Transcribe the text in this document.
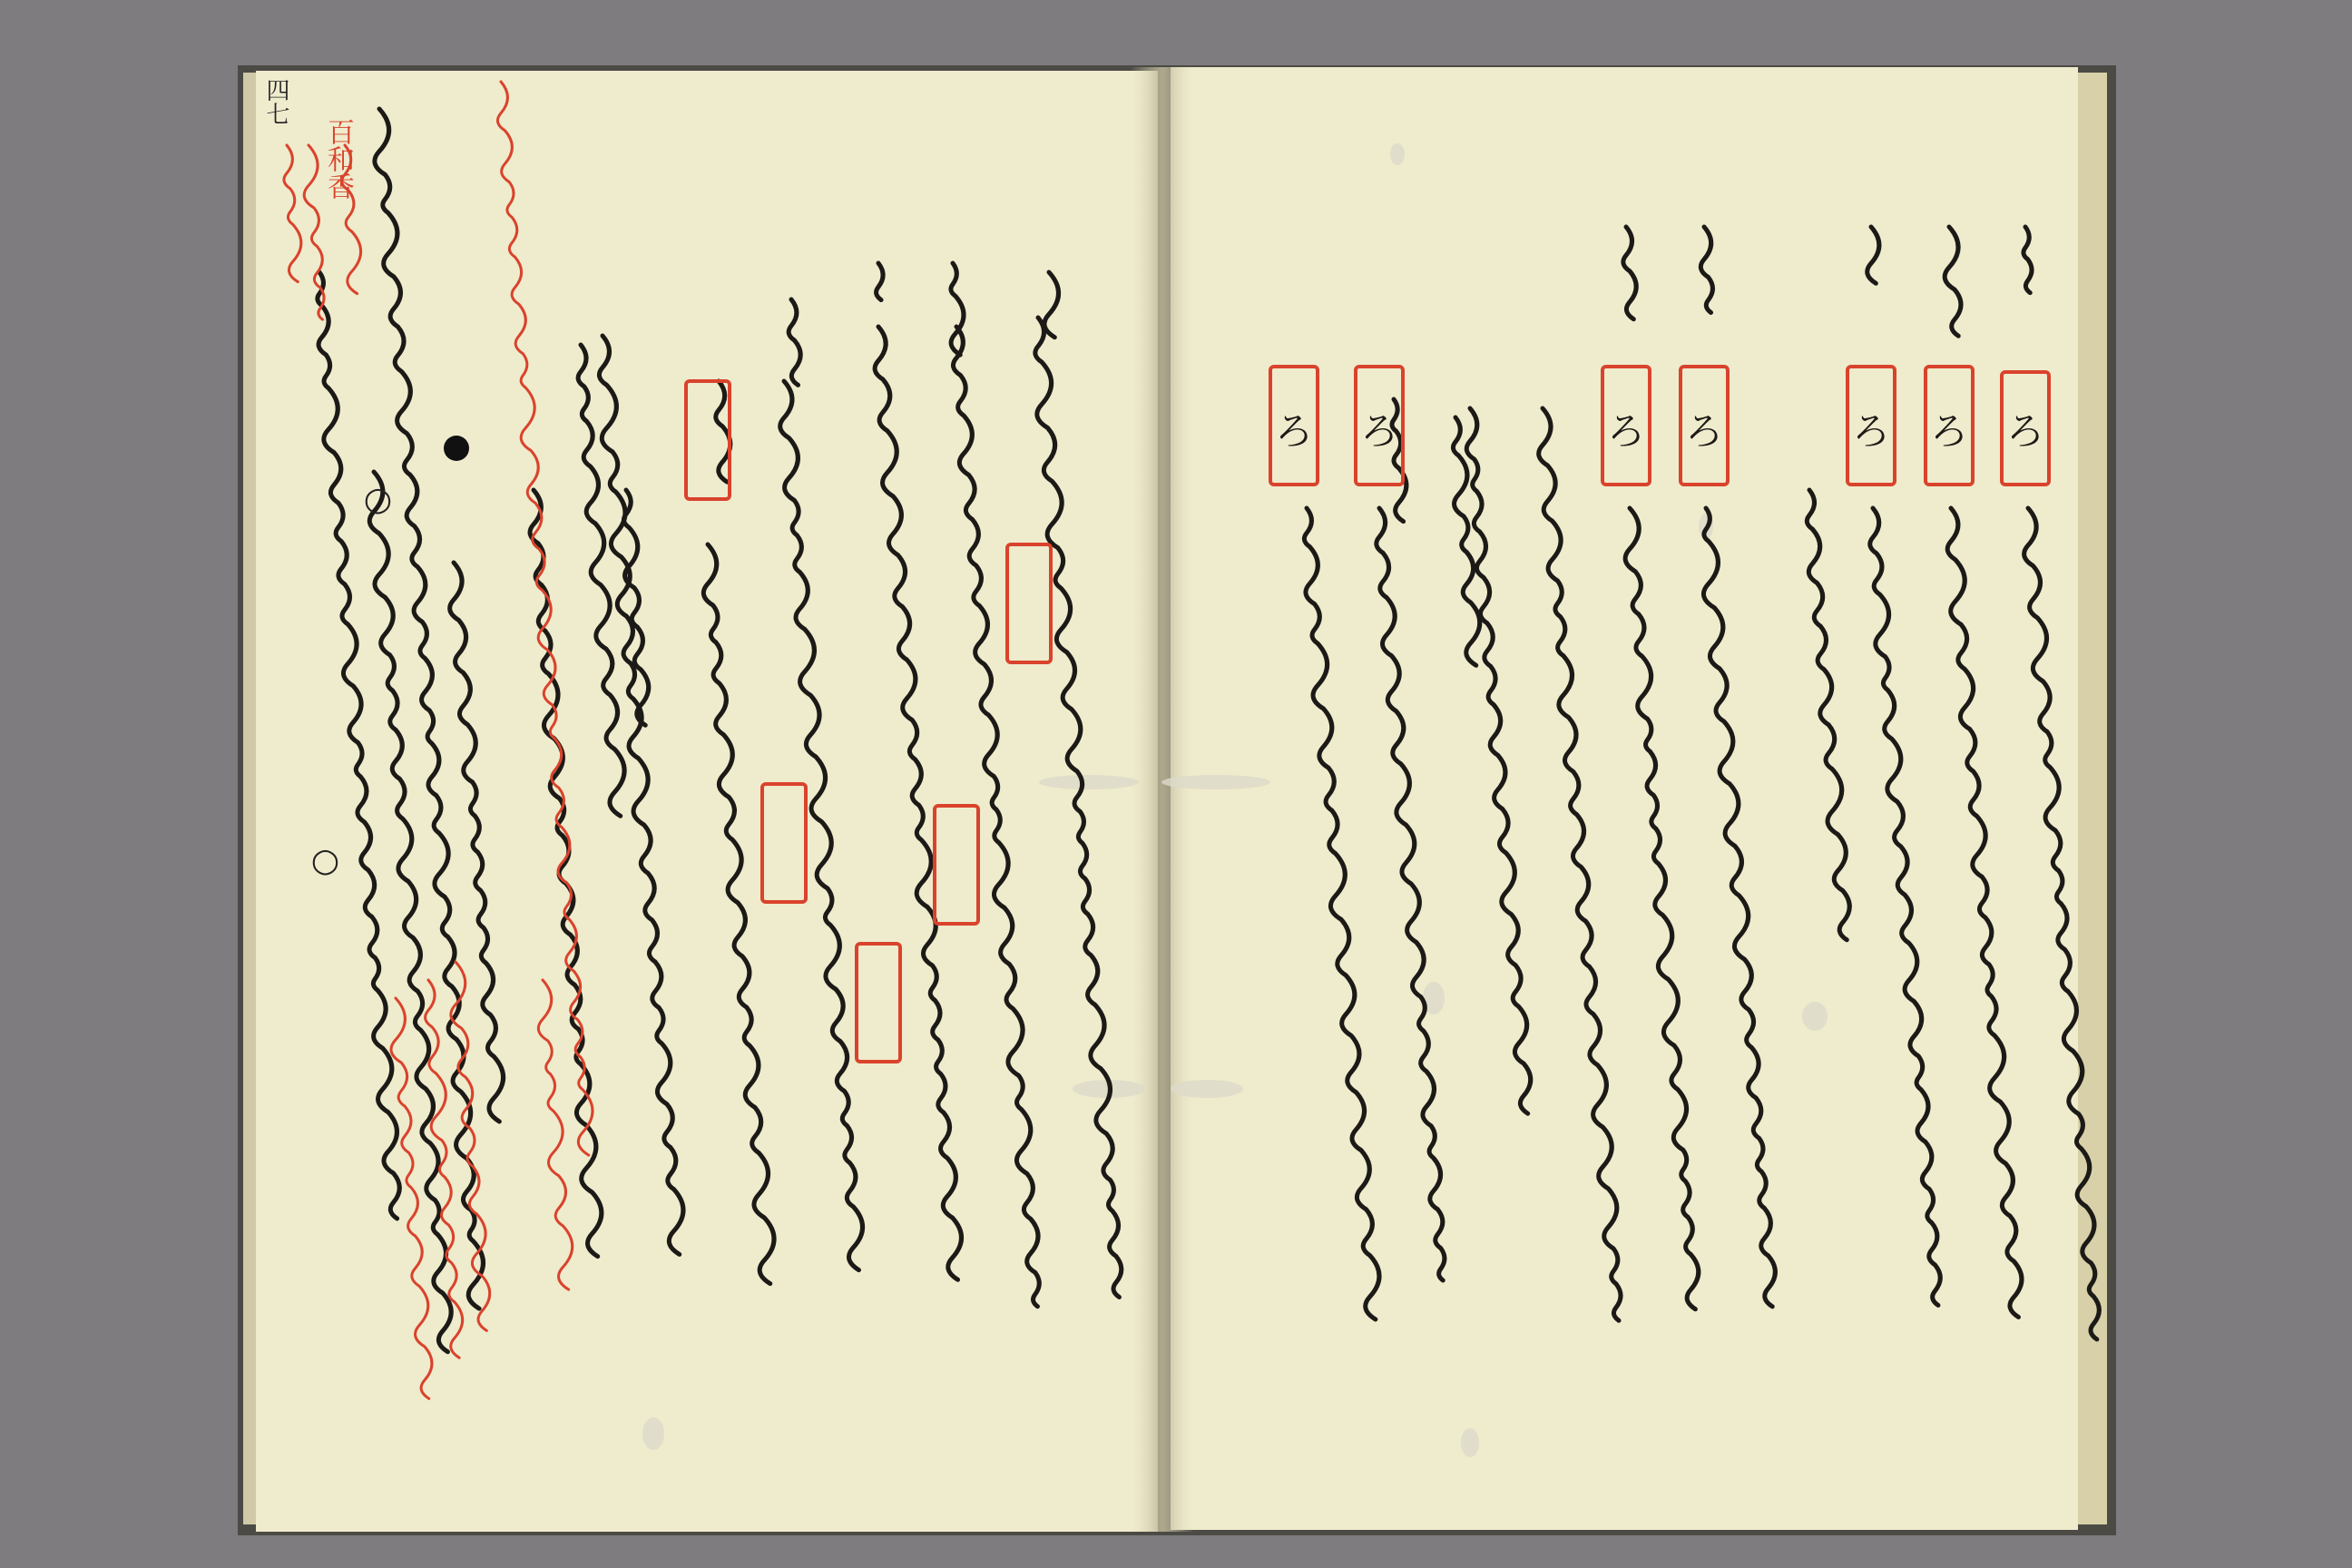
ろ
ろ
ろ
ろ
ろ
ろ
ろ
四七
百和香
○
○
